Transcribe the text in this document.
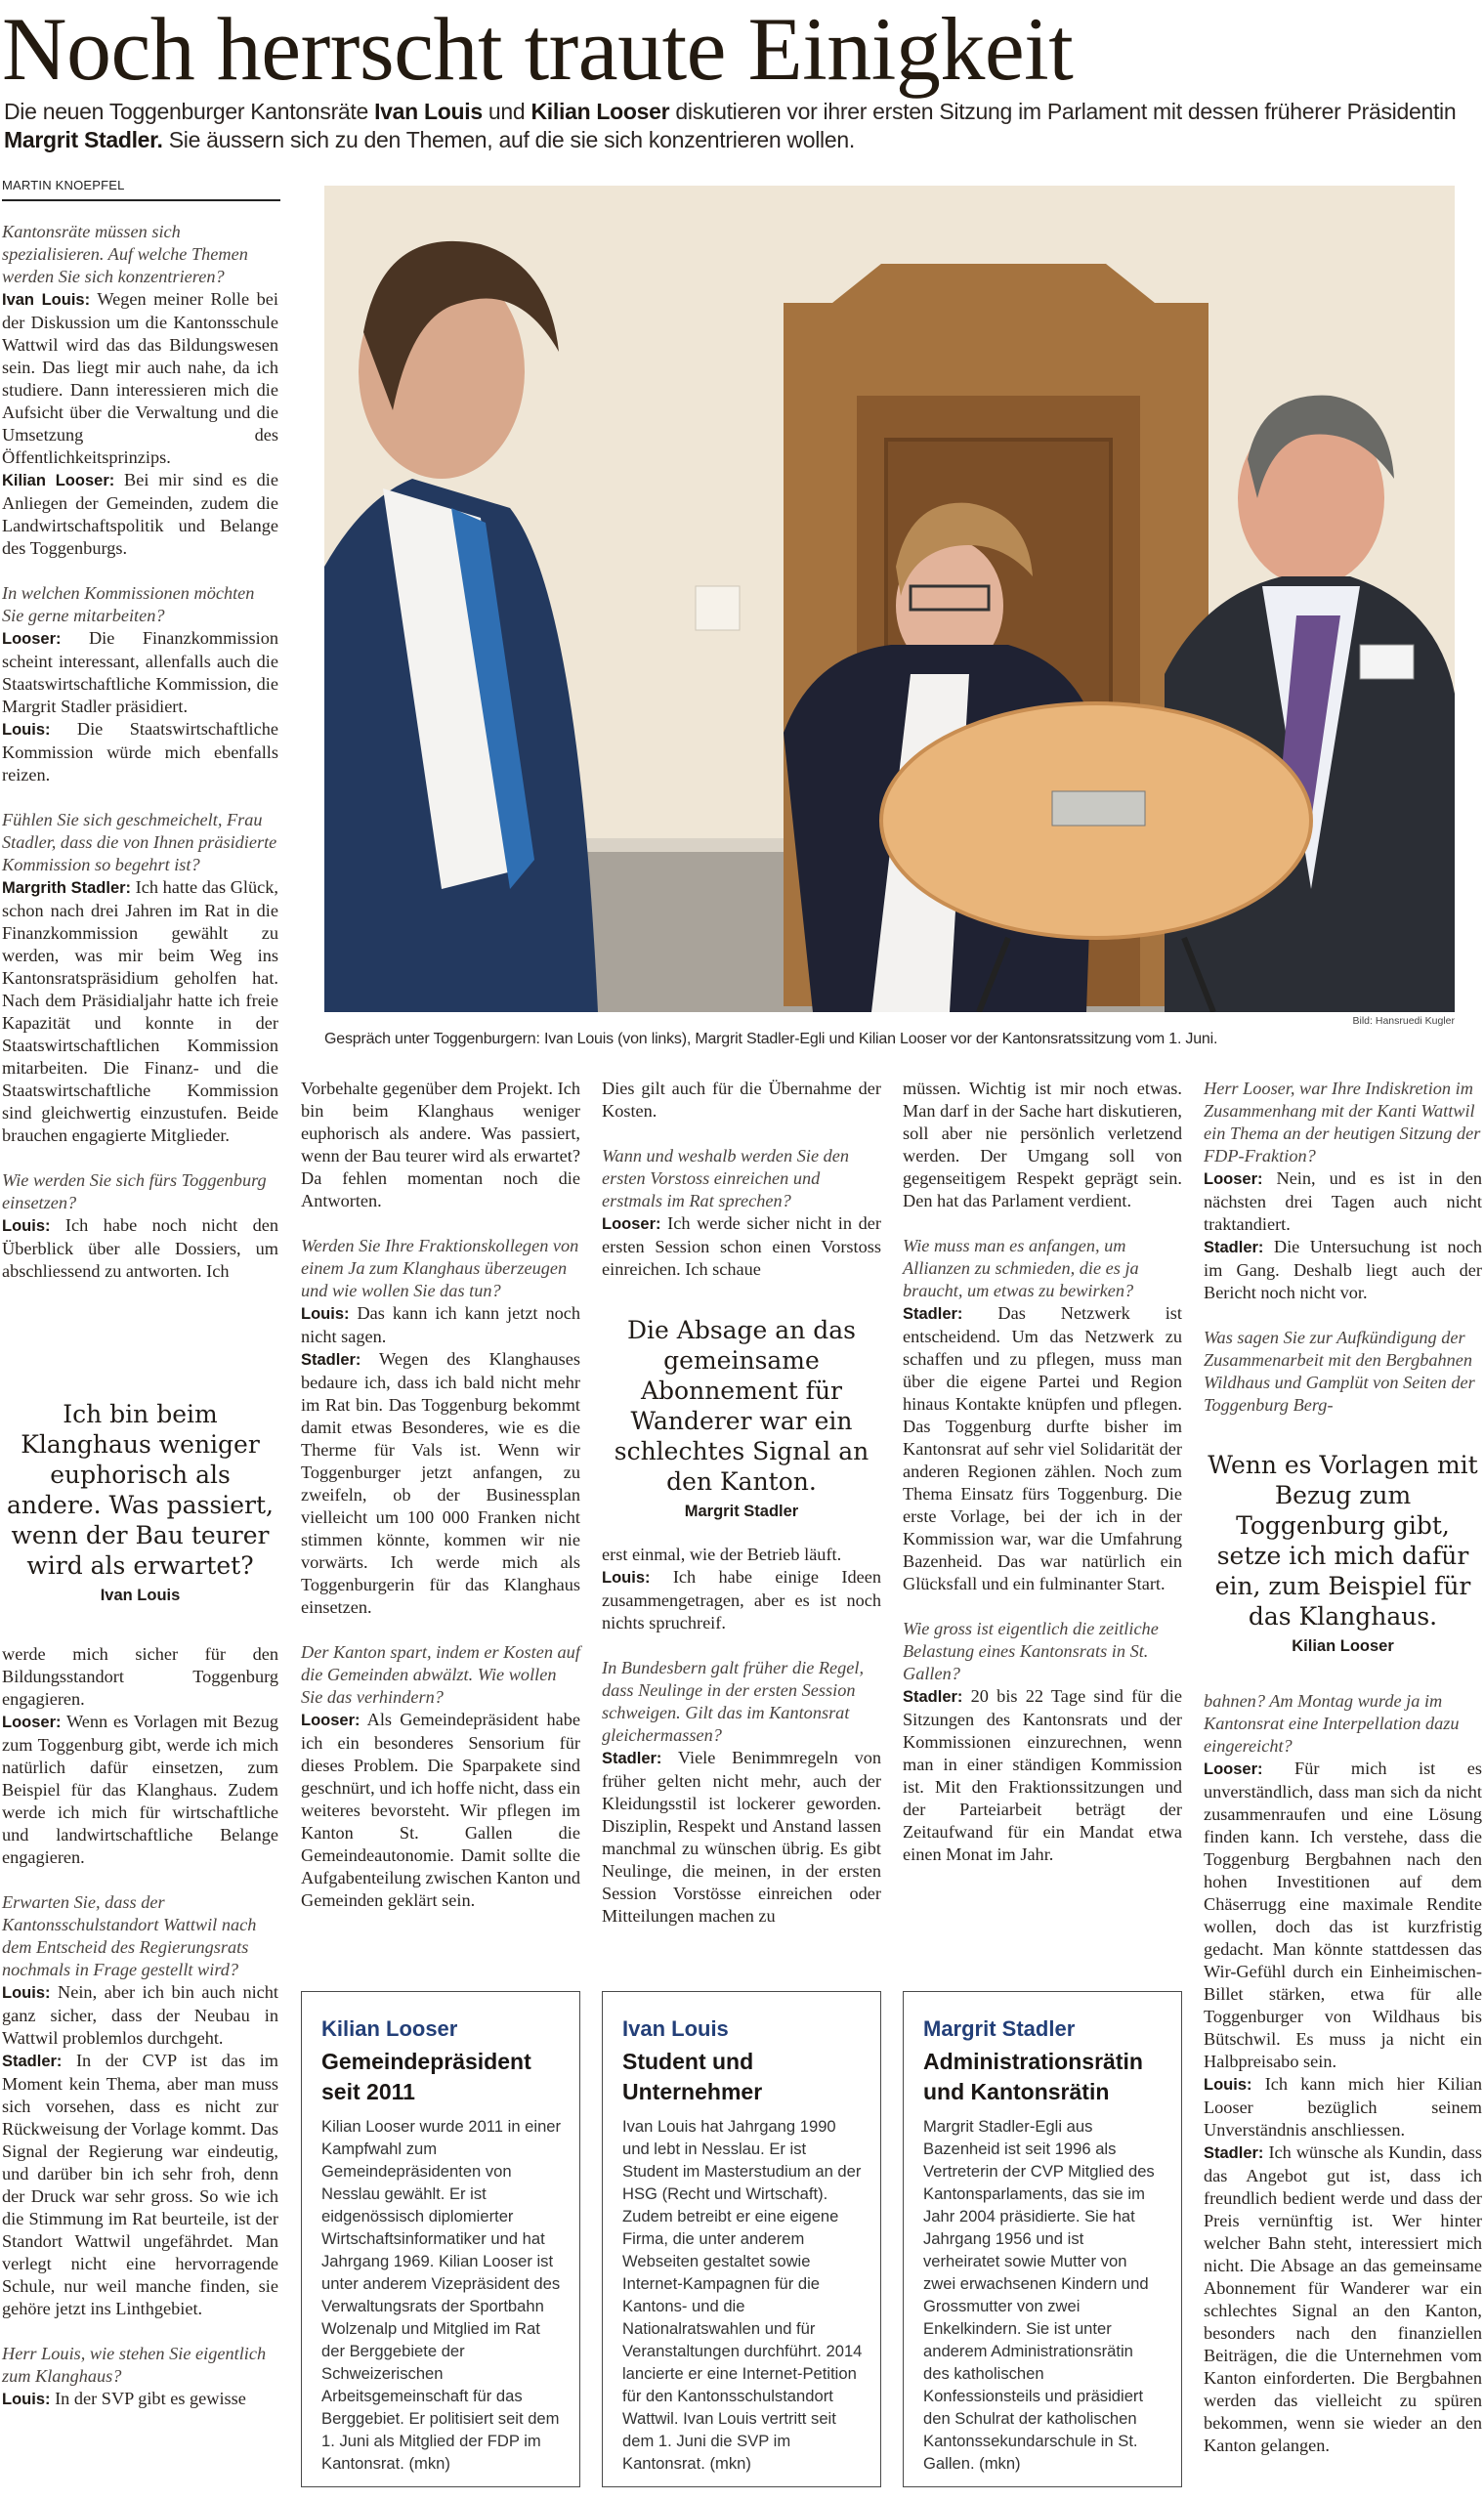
Noch herrscht traute Einigkeit
Die neuen Toggenburger Kantonsräte Ivan Louis und Kilian Looser diskutieren vor ihrer ersten Sitzung im Parlament mit dessen früherer Präsidentin Margrit Stadler. Sie äussern sich zu den Themen, auf die sie sich konzentrieren wollen.
MARTIN KNOEPFEL
Bild: Hansruedi Kugler
Gespräch unter Toggenburgern: Ivan Louis (von links), Margrit Stadler-Egli und Kilian Looser vor der Kantonsratssitzung vom 1. Juni.

Kantonsräte müssen sich spezialisieren. Auf welche Themen werden Sie sich konzentrieren?

Ivan Louis: Wegen meiner Rolle bei der Diskussion um die Kantonsschule Wattwil wird das das Bildungswesen sein. Das liegt mir auch nahe, da ich studiere. Dann interessieren mich die Aufsicht über die Verwaltung und die Umsetzung des Öffentlichkeitsprinzips.

Kilian Looser: Bei mir sind es die Anliegen der Gemeinden, zudem die Landwirtschaftspolitik und Belange des Toggenburgs.

In welchen Kommissionen möchten Sie gerne mitarbeiten?

Looser: Die Finanzkommission scheint interessant, allenfalls auch die Staatswirtschaftliche Kommission, die Margrit Stadler präsidiert.

Louis: Die Staatswirtschaftliche Kommission würde mich ebenfalls reizen.

Fühlen Sie sich geschmeichelt, Frau Stadler, dass die von Ihnen präsidierte Kommission so begehrt ist?

Margrith Stadler: Ich hatte das Glück, schon nach drei Jahren im Rat in die Finanzkommission gewählt zu werden, was mir beim Weg ins Kantonsratspräsidium geholfen hat. Nach dem Präsidialjahr hatte ich freie Kapazität und konnte in der Staatswirtschaftlichen Kommission mitarbeiten. Die Finanz- und die Staatswirtschaftliche Kommission sind gleichwertig einzustufen. Beide brauchen engagierte Mitglieder.

Wie werden Sie sich fürs Toggenburg einsetzen?

Louis: Ich habe noch nicht den Überblick über alle Dossiers, um abschliessend zu antworten. Ich

Ich bin beim Klanghaus weniger euphorisch als andere. Was passiert, wenn der Bau teurer wird als erwartet?
Ivan Louis

werde mich sicher für den Bildungsstandort Toggenburg engagieren.

Looser: Wenn es Vorlagen mit Bezug zum Toggenburg gibt, werde ich mich natürlich dafür einsetzen, zum Beispiel für das Klanghaus. Zudem werde ich mich für wirtschaftliche und landwirtschaftliche Belange engagieren.

Erwarten Sie, dass der Kantonsschulstandort Wattwil nach dem Entscheid des Regierungsrats nochmals in Frage gestellt wird?

Louis: Nein, aber ich bin auch nicht ganz sicher, dass der Neubau in Wattwil problemlos durchgeht.

Stadler: In der CVP ist das im Moment kein Thema, aber man muss sich vorsehen, dass es nicht zur Rückweisung der Vorlage kommt. Das Signal der Regierung war eindeutig, und darüber bin ich sehr froh, denn der Druck war sehr gross. So wie ich die Stimmung im Rat beurteile, ist der Standort Wattwil ungefährdet. Man verlegt nicht eine hervorragende Schule, nur weil manche finden, sie gehöre jetzt ins Linthgebiet.

Herr Louis, wie stehen Sie eigentlich zum Klanghaus?

Louis: In der SVP gibt es gewisse

Vorbehalte gegenüber dem Projekt. Ich bin beim Klanghaus weniger euphorisch als andere. Was passiert, wenn der Bau teurer wird als erwartet? Da fehlen momentan noch die Antworten.

Werden Sie Ihre Fraktionskollegen von einem Ja zum Klanghaus überzeugen und wie wollen Sie das tun?

Louis: Das kann ich kann jetzt noch nicht sagen.

Stadler: Wegen des Klanghauses bedaure ich, dass ich bald nicht mehr im Rat bin. Das Toggenburg bekommt damit etwas Besonderes, wie es die Therme für Vals ist. Wenn wir Toggenburger jetzt anfangen, zu zweifeln, ob der Businessplan vielleicht um 100 000 Franken nicht stimmen könnte, kommen wir nie vorwärts. Ich werde mich als Toggenburgerin für das Klanghaus einsetzen.

Der Kanton spart, indem er Kosten auf die Gemeinden abwälzt. Wie wollen Sie das verhindern?

Looser: Als Gemeindepräsident habe ich ein besonderes Sensorium für dieses Problem. Die Sparpakete sind geschnürt, und ich hoffe nicht, dass ein weiteres bevorsteht. Wir pflegen im Kanton St. Gallen die Gemeindeautonomie. Damit sollte die Aufgabenteilung zwischen Kanton und Gemeinden geklärt sein.

Dies gilt auch für die Übernahme der Kosten.

Wann und weshalb werden Sie den ersten Vorstoss einreichen und erstmals im Rat sprechen?

Looser: Ich werde sicher nicht in der ersten Session schon einen Vorstoss einreichen. Ich schaue

Die Absage an das gemeinsame Abonnement für Wanderer war ein schlechtes Signal an den Kanton.
Margrit Stadler

erst einmal, wie der Betrieb läuft.

Louis: Ich habe einige Ideen zusammengetragen, aber es ist noch nichts spruchreif.

In Bundesbern galt früher die Regel, dass Neulinge in der ersten Session schweigen. Gilt das im Kantonsrat gleichermassen?

Stadler: Viele Benimmregeln von früher gelten nicht mehr, auch der Kleidungsstil ist lockerer geworden. Disziplin, Respekt und Anstand lassen manchmal zu wünschen übrig. Es gibt Neulinge, die meinen, in der ersten Session Vorstösse einreichen oder Mitteilungen machen zu

müssen. Wichtig ist mir noch etwas. Man darf in der Sache hart diskutieren, soll aber nie persönlich verletzend werden. Der Umgang soll von gegenseitigem Respekt geprägt sein. Den hat das Parlament verdient.

Wie muss man es anfangen, um Allianzen zu schmieden, die es ja braucht, um etwas zu bewirken?

Stadler: Das Netzwerk ist entscheidend. Um das Netzwerk zu schaffen und zu pflegen, muss man über die eigene Partei und Region hinaus Kontakte knüpfen und pflegen. Das Toggenburg durfte bisher im Kantonsrat auf sehr viel Solidarität der anderen Regionen zählen. Noch zum Thema Einsatz fürs Toggenburg. Die erste Vorlage, bei der ich in der Kommission war, war die Umfahrung Bazenheid. Das war natürlich ein Glücksfall und ein fulminanter Start.

Wie gross ist eigentlich die zeitliche Belastung eines Kantonsrats in St. Gallen?

Stadler: 20 bis 22 Tage sind für die Sitzungen des Kantonsrats und der Kommissionen einzurechnen, wenn man in einer ständigen Kommission ist. Mit den Fraktionssitzungen und der Parteiarbeit beträgt der Zeitaufwand für ein Mandat etwa einen Monat im Jahr.

Herr Looser, war Ihre Indiskretion im Zusammenhang mit der Kanti Wattwil ein Thema an der heutigen Sitzung der FDP-Fraktion?

Looser: Nein, und es ist in den nächsten drei Tagen auch nicht traktandiert.

Stadler: Die Untersuchung ist noch im Gang. Deshalb liegt auch der Bericht noch nicht vor.

Was sagen Sie zur Aufkündigung der Zusammenarbeit mit den Bergbahnen Wildhaus und Gamplüt von Seiten der Toggenburg Berg-

Wenn es Vorlagen mit Bezug zum Toggenburg gibt, setze ich mich dafür ein, zum Beispiel für das Klanghaus.
Kilian Looser

bahnen? Am Montag wurde ja im Kantonsrat eine Interpellation dazu eingereicht?

Looser: Für mich ist es unverständlich, dass man sich da nicht zusammenraufen und eine Lösung finden kann. Ich verstehe, dass die Toggenburg Bergbahnen nach den hohen Investitionen auf dem Chäserrugg eine maximale Rendite wollen, doch das ist kurzfristig gedacht. Man könnte stattdessen das Wir-Gefühl durch ein Einheimischen-Billet stärken, etwa für alle Toggenburger von Wildhaus bis Bütschwil. Es muss ja nicht ein Halbpreisabo sein.

Louis: Ich kann mich hier Kilian Looser bezüglich seinem Unverständnis anschliessen.

Stadler: Ich wünsche als Kundin, dass das Angebot gut ist, dass ich freundlich bedient werde und dass der Preis vernünftig ist. Wer hinter welcher Bahn steht, interessiert mich nicht. Die Absage an das gemeinsame Abonnement für Wanderer war ein schlechtes Signal an den Kanton, besonders nach den finanziellen Beiträgen, die die Unternehmen vom Kanton einforderten. Die Bergbahnen werden das vielleicht zu spüren bekommen, wenn sie wieder an den Kanton gelangen.

Kilian Looser
Gemeindepräsident seit 2011
Kilian Looser wurde 2011 in einer Kampfwahl zum Gemeindepräsidenten von Nesslau gewählt. Er ist eidgenössisch diplomierter Wirtschaftsinformatiker und hat Jahrgang 1969. Kilian Looser ist unter anderem Vizepräsident des Verwaltungsrats der Sportbahn Wolzenalp und Mitglied im Rat der Berggebiete der Schweizerischen Arbeitsgemeinschaft für das Berggebiet. Er politisiert seit dem 1. Juni als Mitglied der FDP im Kantonsrat. (mkn)
Ivan Louis
Student und Unternehmer
Ivan Louis hat Jahrgang 1990 und lebt in Nesslau. Er ist Student im Masterstudium an der HSG (Recht und Wirtschaft). Zudem betreibt er eine eigene Firma, die unter anderem Webseiten gestaltet sowie Internet-Kampagnen für die Kantons- und die Nationalratswahlen und für Veranstaltungen durchführt. 2014 lancierte er eine Internet-Petition für den Kantonsschulstandort Wattwil. Ivan Louis vertritt seit dem 1. Juni die SVP im Kantonsrat. (mkn)
Margrit Stadler
Administrationsrätin und Kantonsrätin
Margrit Stadler-Egli aus Bazenheid ist seit 1996 als Vertreterin der CVP Mitglied des Kantonsparlaments, das sie im Jahr 2004 präsidierte. Sie hat Jahrgang 1956 und ist verheiratet sowie Mutter von zwei erwachsenen Kindern und Grossmutter von zwei Enkelkindern. Sie ist unter anderem Administrationsrätin des katholischen Konfessionsteils und präsidiert den Schulrat der katholischen Kantonssekundarschule in St. Gallen. (mkn)
